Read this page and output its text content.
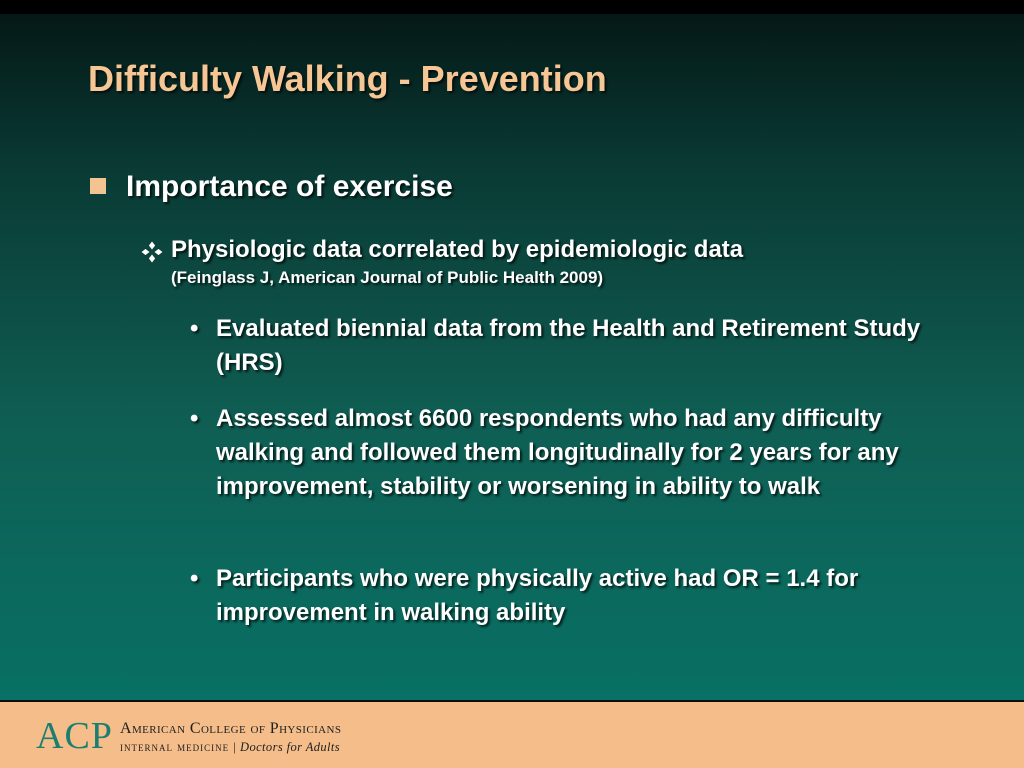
Difficulty Walking - Prevention
Importance of exercise
Physiologic data correlated by epidemiologic data
(Feinglass J, American Journal of Public Health 2009)
• Evaluated biennial data from the Health and Retirement Study (HRS)
• Assessed almost 6600 respondents who had any difficulty walking and followed them longitudinally for 2 years for any improvement, stability or worsening in ability to walk
• Participants who were physically active had OR = 1.4 for improvement in walking ability
ACP American College of Physicians
internal medicine | Doctors for Adults
